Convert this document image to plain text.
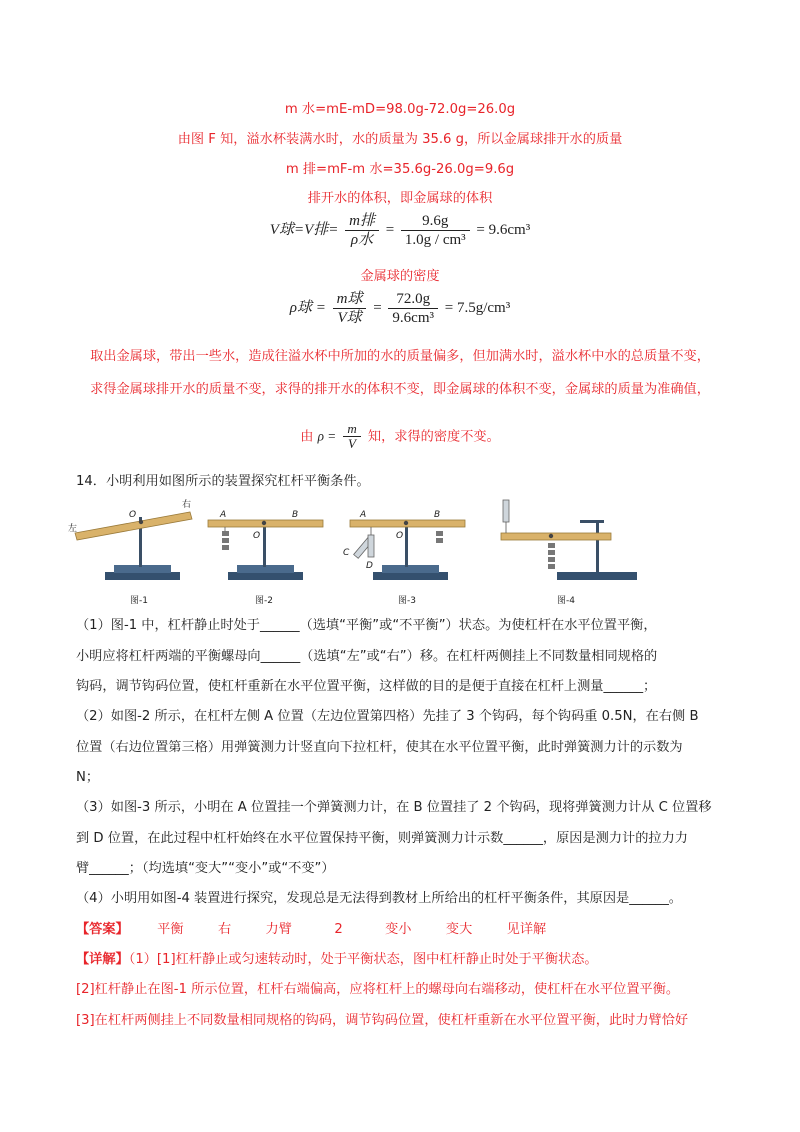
m 水=mE-mD=98.0g-72.0g=26.0g
由图 F 知，溢水杯装满水时，水的质量为 35.6 g，所以金属球排开水的质量
m 排=mF-m 水=35.6g-26.0g=9.6g
排开水的体积，即金属球的体积
V球=V排= $\frac{\text{m排}}{\text{ρ水}} = \frac{9.6g}{\text{1.0g / cm³}} = 9.6cm^3$
金属球的密度
ρ球 = $\frac{\text{m球}}{\text{V球}} = \frac{72.0g}{\text{9.6cm³}} = 7.5g/cm^3$
取出金属球，带出一些水，造成往溢水杯中所加的水的质量偏多，但加满水时，溢水杯中水的总质量不变，
求得金属球排开水的质量不变，求得的排开水的体积不变，即金属球的体积不变，金属球的质量为准确值，
由 $\rho = \frac{m}{V}$ 知，求得的密度不变。
14．小明利用如图所示的装置探究杠杆平衡条件。
左
右
O
图-1
A	B
O
图-2
A	B
O
C
D
图-3	图-4
（1）图-1 中，杠杆静止时处于______（选填“平衡”或“不平衡”）状态。为使杠杆在水平位置平衡，
小明应将杠杆两端的平衡螺母向______（选填“左”或“右”）移。在杠杆两侧挂上不同数量相同规格的
钩码，调节钩码位置，使杠杆重新在水平位置平衡，这样做的目的是便于直接在杠杆上测量______；
（2）如图-2 所示，在杠杆左侧 A 位置（左边位置第四格）先挂了 3 个钩码，每个钩码重 0.5N，在右侧 B
位置（右边位置第三格）用弹簧测力计竖直向下拉杠杆，使其在水平位置平衡，此时弹簧测力计的示数为
N；
（3）如图-3 所示，小明在 A 位置挂一个弹簧测力计，在 B 位置挂了 2 个钩码，现将弹簧测力计从 C 位置移
到 D 位置，在此过程中杠杆始终在水平位置保持平衡，则弹簧测力计示数______，原因是测力计的拉力力
臂______；（均选填“变大”“变小”或“不变”）
（4）小明用如图-4 装置进行探究，发现总是无法得到教材上所给出的杠杆平衡条件，其原因是______。
【答案】 平衡	右	力臂	2	变小	变大	见详解
【详解】（1）[1]杠杆静止或匀速转动时，处于平衡状态，图中杠杆静止时处于平衡状态。
[2]杠杆静止在图-1 所示位置，杠杆右端偏高，应将杠杆上的螺母向右端移动，使杠杆在水平位置平衡。
[3]在杠杆两侧挂上不同数量相同规格的钩码，调节钩码位置，使杠杆重新在水平位置平衡，此时力臂恰好
